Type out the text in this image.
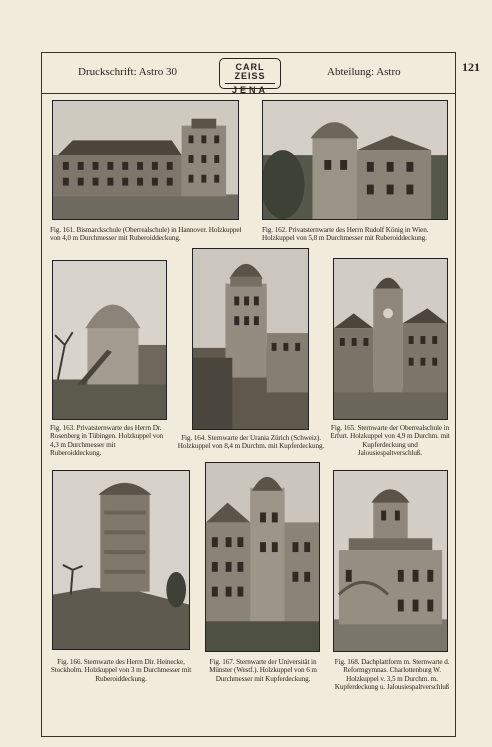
121
Druckschrift: Astro 30	Abteilung: Astro
CARL ZEISS
JENA
Fig. 161. Bismarckschule (Oberrealschule) in Hannover. Holzkuppel von 4,0 m Durchmesser mit Ruberoiddeckung.
Fig. 162. Privatsternwarte des Herrn Rudolf König in Wien. Holzkuppel von 5,8 m Durchmesser mit Ruberoiddeckung.
Fig. 163. Privatsternwarte des Herrn Dr. Rosenberg in Tübingen. Holzkuppel von 4,3 m Durchmesser mit Ruberoiddeckung.
Fig. 164. Sternwarte der Urania Zürich (Schweiz). Holzkuppel von 8,4 m Durchm. mit Kupferdeckung.
Fig. 165. Sternwarte der Oberrealschule in Erfurt. Holzkuppel von 4,9 m Durchm. mit Kupferdeckung und Jalousiespaltverschluß.
Fig. 166. Sternwarte des Herrn Dir. Heinecke, Stockholm. Holzkuppel von 3 m Durchmesser mit Ruberoiddeckung.
Fig. 167. Sternwarte der Universität in Münster (Westf.). Holzkuppel von 6 m Durchmesser mit Kupferdeckung.
Fig. 168. Dachplattform m. Sternwarte d. Reformgymnas. Charlottenburg W. Holzkuppel v. 3,5 m Durchm. m. Kupferdeckung u. Jalousiespaltverschluß
